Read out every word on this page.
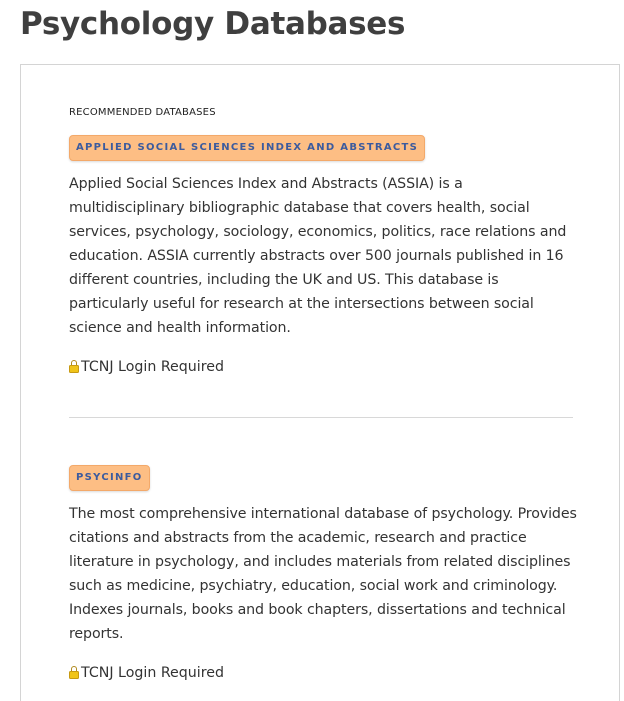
Psychology Databases
RECOMMENDED DATABASES
APPLIED SOCIAL SCIENCES INDEX AND ABSTRACTS

Applied Social Sciences Index and Abstracts (ASSIA) is a multidisciplinary bibliographic database that covers health, social services, psychology, sociology, economics, politics, race relations and education. ASSIA currently abstracts over 500 journals published in 16 different countries, including the UK and US. This database is particularly useful for research at the intersections between social science and health information.

TCNJ Login Required
PSYCINFO

The most comprehensive international database of psychology. Provides citations and abstracts from the academic, research and practice literature in psychology, and includes materials from related disciplines such as medicine, psychiatry, education, social work and criminology. Indexes journals, books and book chapters, dissertations and technical reports.

TCNJ Login Required
